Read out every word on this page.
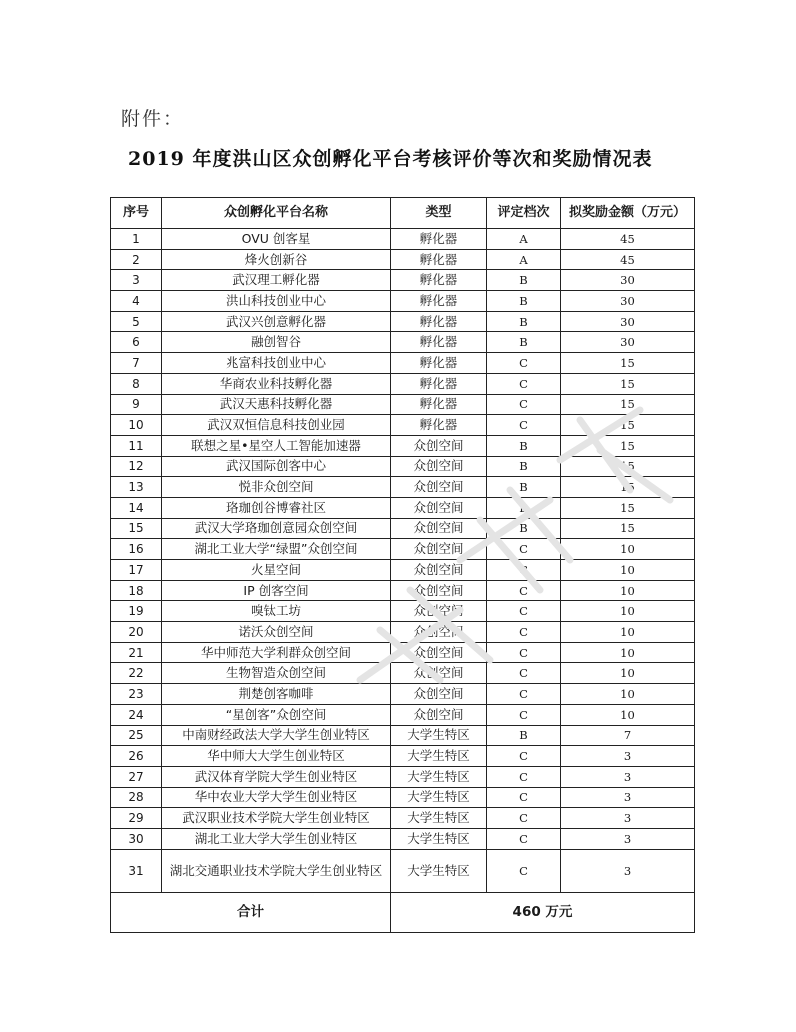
附件：
2019 年度洪山区众创孵化平台考核评价等次和奖励情况表
序号	众创孵化平台名称	类型	评定档次	拟奖励金额（万元）
1	OVU 创客星	孵化器	A	45
2	烽火创新谷	孵化器	A	45
3	武汉理工孵化器	孵化器	B	30
4	洪山科技创业中心	孵化器	B	30
5	武汉兴创意孵化器	孵化器	B	30
6	融创智谷	孵化器	B	30
7	兆富科技创业中心	孵化器	C	15
8	华商农业科技孵化器	孵化器	C	15
9	武汉天惠科技孵化器	孵化器	C	15
10	武汉双恒信息科技创业园	孵化器	C	15
11	联想之星•星空人工智能加速器	众创空间	B	15
12	武汉国际创客中心	众创空间	B	15
13	悦非众创空间	众创空间	B	15
14	珞珈创谷博睿社区	众创空间	B	15
15	武汉大学珞珈创意园众创空间	众创空间	B	15
16	湖北工业大学“绿盟”众创空间	众创空间	C	10
17	火星空间	众创空间	C	10
18	IP 创客空间	众创空间	C	10
19	嗅钛工坊	众创空间	C	10
20	诺沃众创空间	众创空间	C	10
21	华中师范大学利群众创空间	众创空间	C	10
22	生物智造众创空间	众创空间	C	10
23	荆楚创客咖啡	众创空间	C	10
24	“星创客”众创空间	众创空间	C	10
25	中南财经政法大学大学生创业特区	大学生特区	B	7
26	华中师大大学生创业特区	大学生特区	C	3
27	武汉体育学院大学生创业特区	大学生特区	C	3
28	华中农业大学大学生创业特区	大学生特区	C	3
29	武汉职业技术学院大学生创业特区	大学生特区	C	3
30	湖北工业大学大学生创业特区	大学生特区	C	3
31	湖北交通职业技术学院大学生创业特区	大学生特区	C	3
合计		460 万元		
